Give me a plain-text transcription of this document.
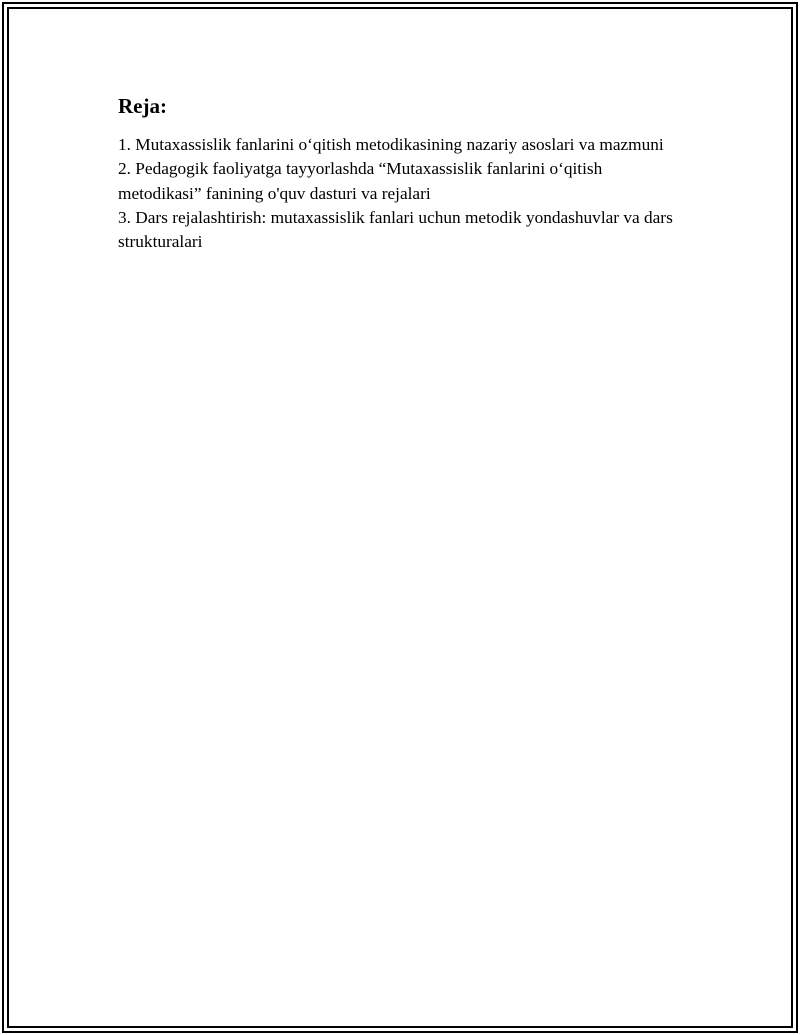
Reja:
1. Mutaxassislik fanlarini o‘qitish metodikasining nazariy asoslari va mazmuni
2. Pedagogik faoliyatga tayyorlashda “Mutaxassislik fanlarini o‘qitish metodikasi” fanining o'quv dasturi va rejalari
3. Dars rejalashtirish: mutaxassislik fanlari uchun metodik yondashuvlar va dars strukturalari
